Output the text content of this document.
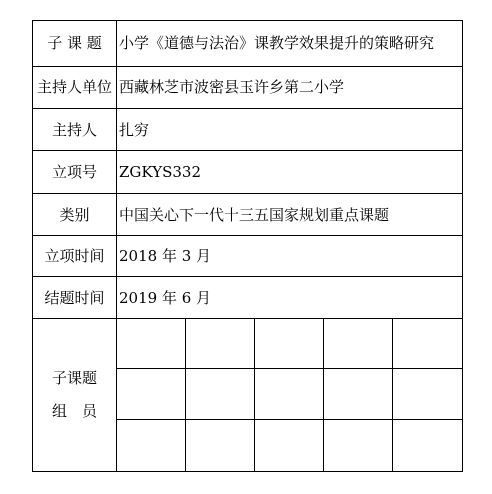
子 课 题	小学《道德与法治》课教学效果提升的策略研究				
主持人单位	西藏林芝市波密县玉许乡第二小学				
主持人	扎穷				
立项号	ZGKYS332				
类别	中国关心下一代十三五国家规划重点课题				
立项时间	2018 年 3 月				
结题时间	2019 年 6 月				

子课题
组　员					
